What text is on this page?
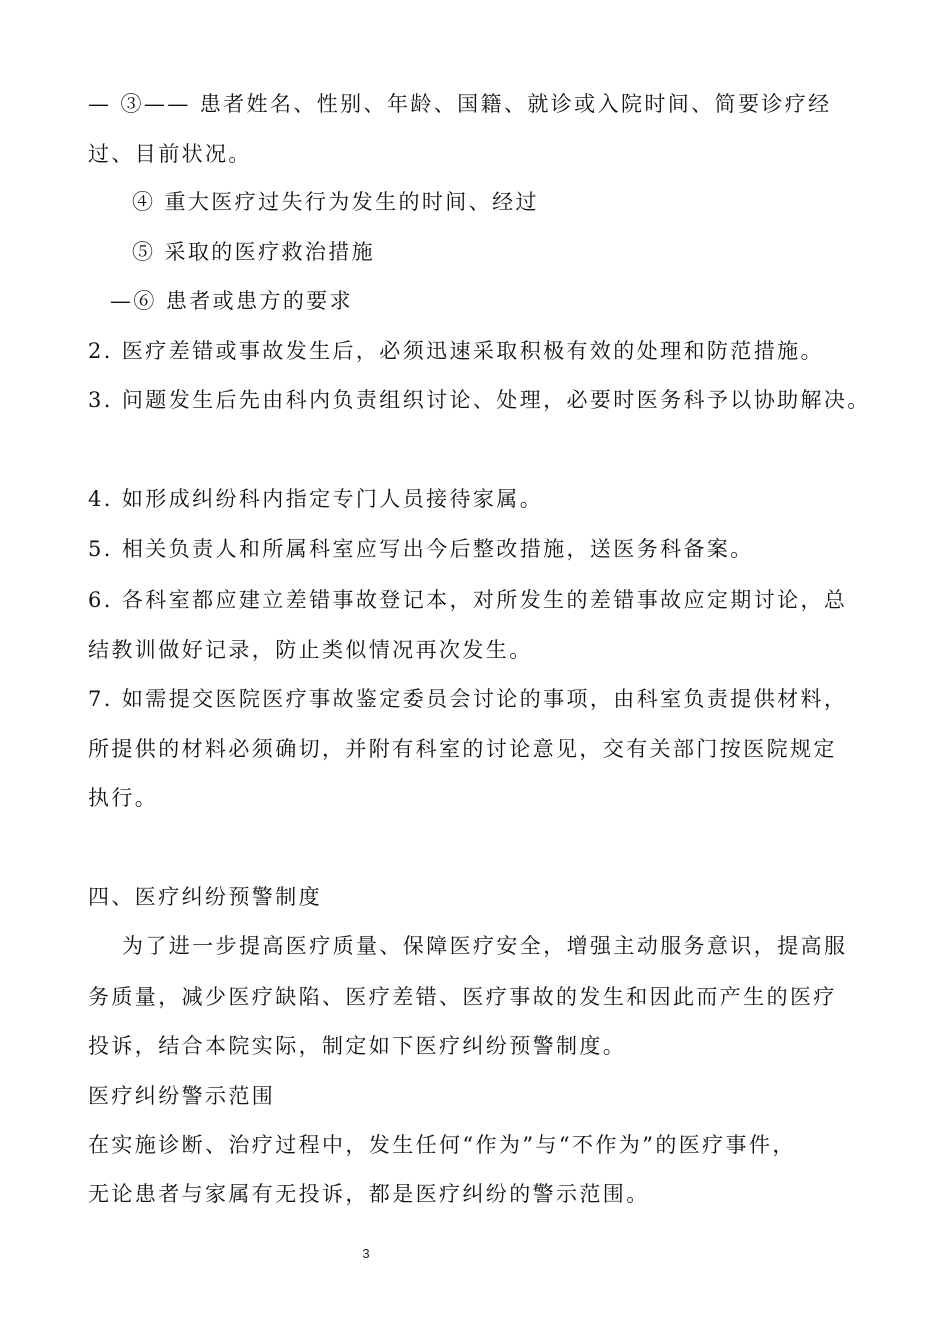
— ③—— 患者姓名、性别、年龄、国籍、就诊或入院时间、简要诊疗经
过、目前状况。
④ 重大医疗过失行为发生的时间、经过
⑤ 采取的医疗救治措施
—⑥ 患者或患方的要求
2. 医疗差错或事故发生后，必须迅速采取积极有效的处理和防范措施。
3. 问题发生后先由科内负责组织讨论、处理，必要时医务科予以协助解决。
4. 如形成纠纷科内指定专门人员接待家属。
5. 相关负责人和所属科室应写出今后整改措施，送医务科备案。
6. 各科室都应建立差错事故登记本，对所发生的差错事故应定期讨论，总
结教训做好记录，防止类似情况再次发生。
7. 如需提交医院医疗事故鉴定委员会讨论的事项，由科室负责提供材料，
所提供的材料必须确切，并附有科室的讨论意见，交有关部门按医院规定
执行。
四、医疗纠纷预警制度
为了进一步提高医疗质量、保障医疗安全，增强主动服务意识，提高服
务质量，减少医疗缺陷、医疗差错、医疗事故的发生和因此而产生的医疗
投诉，结合本院实际，制定如下医疗纠纷预警制度。
医疗纠纷警示范围
在实施诊断、治疗过程中，发生任何“作为”与“不作为”的医疗事件，
无论患者与家属有无投诉，都是医疗纠纷的警示范围。
3
